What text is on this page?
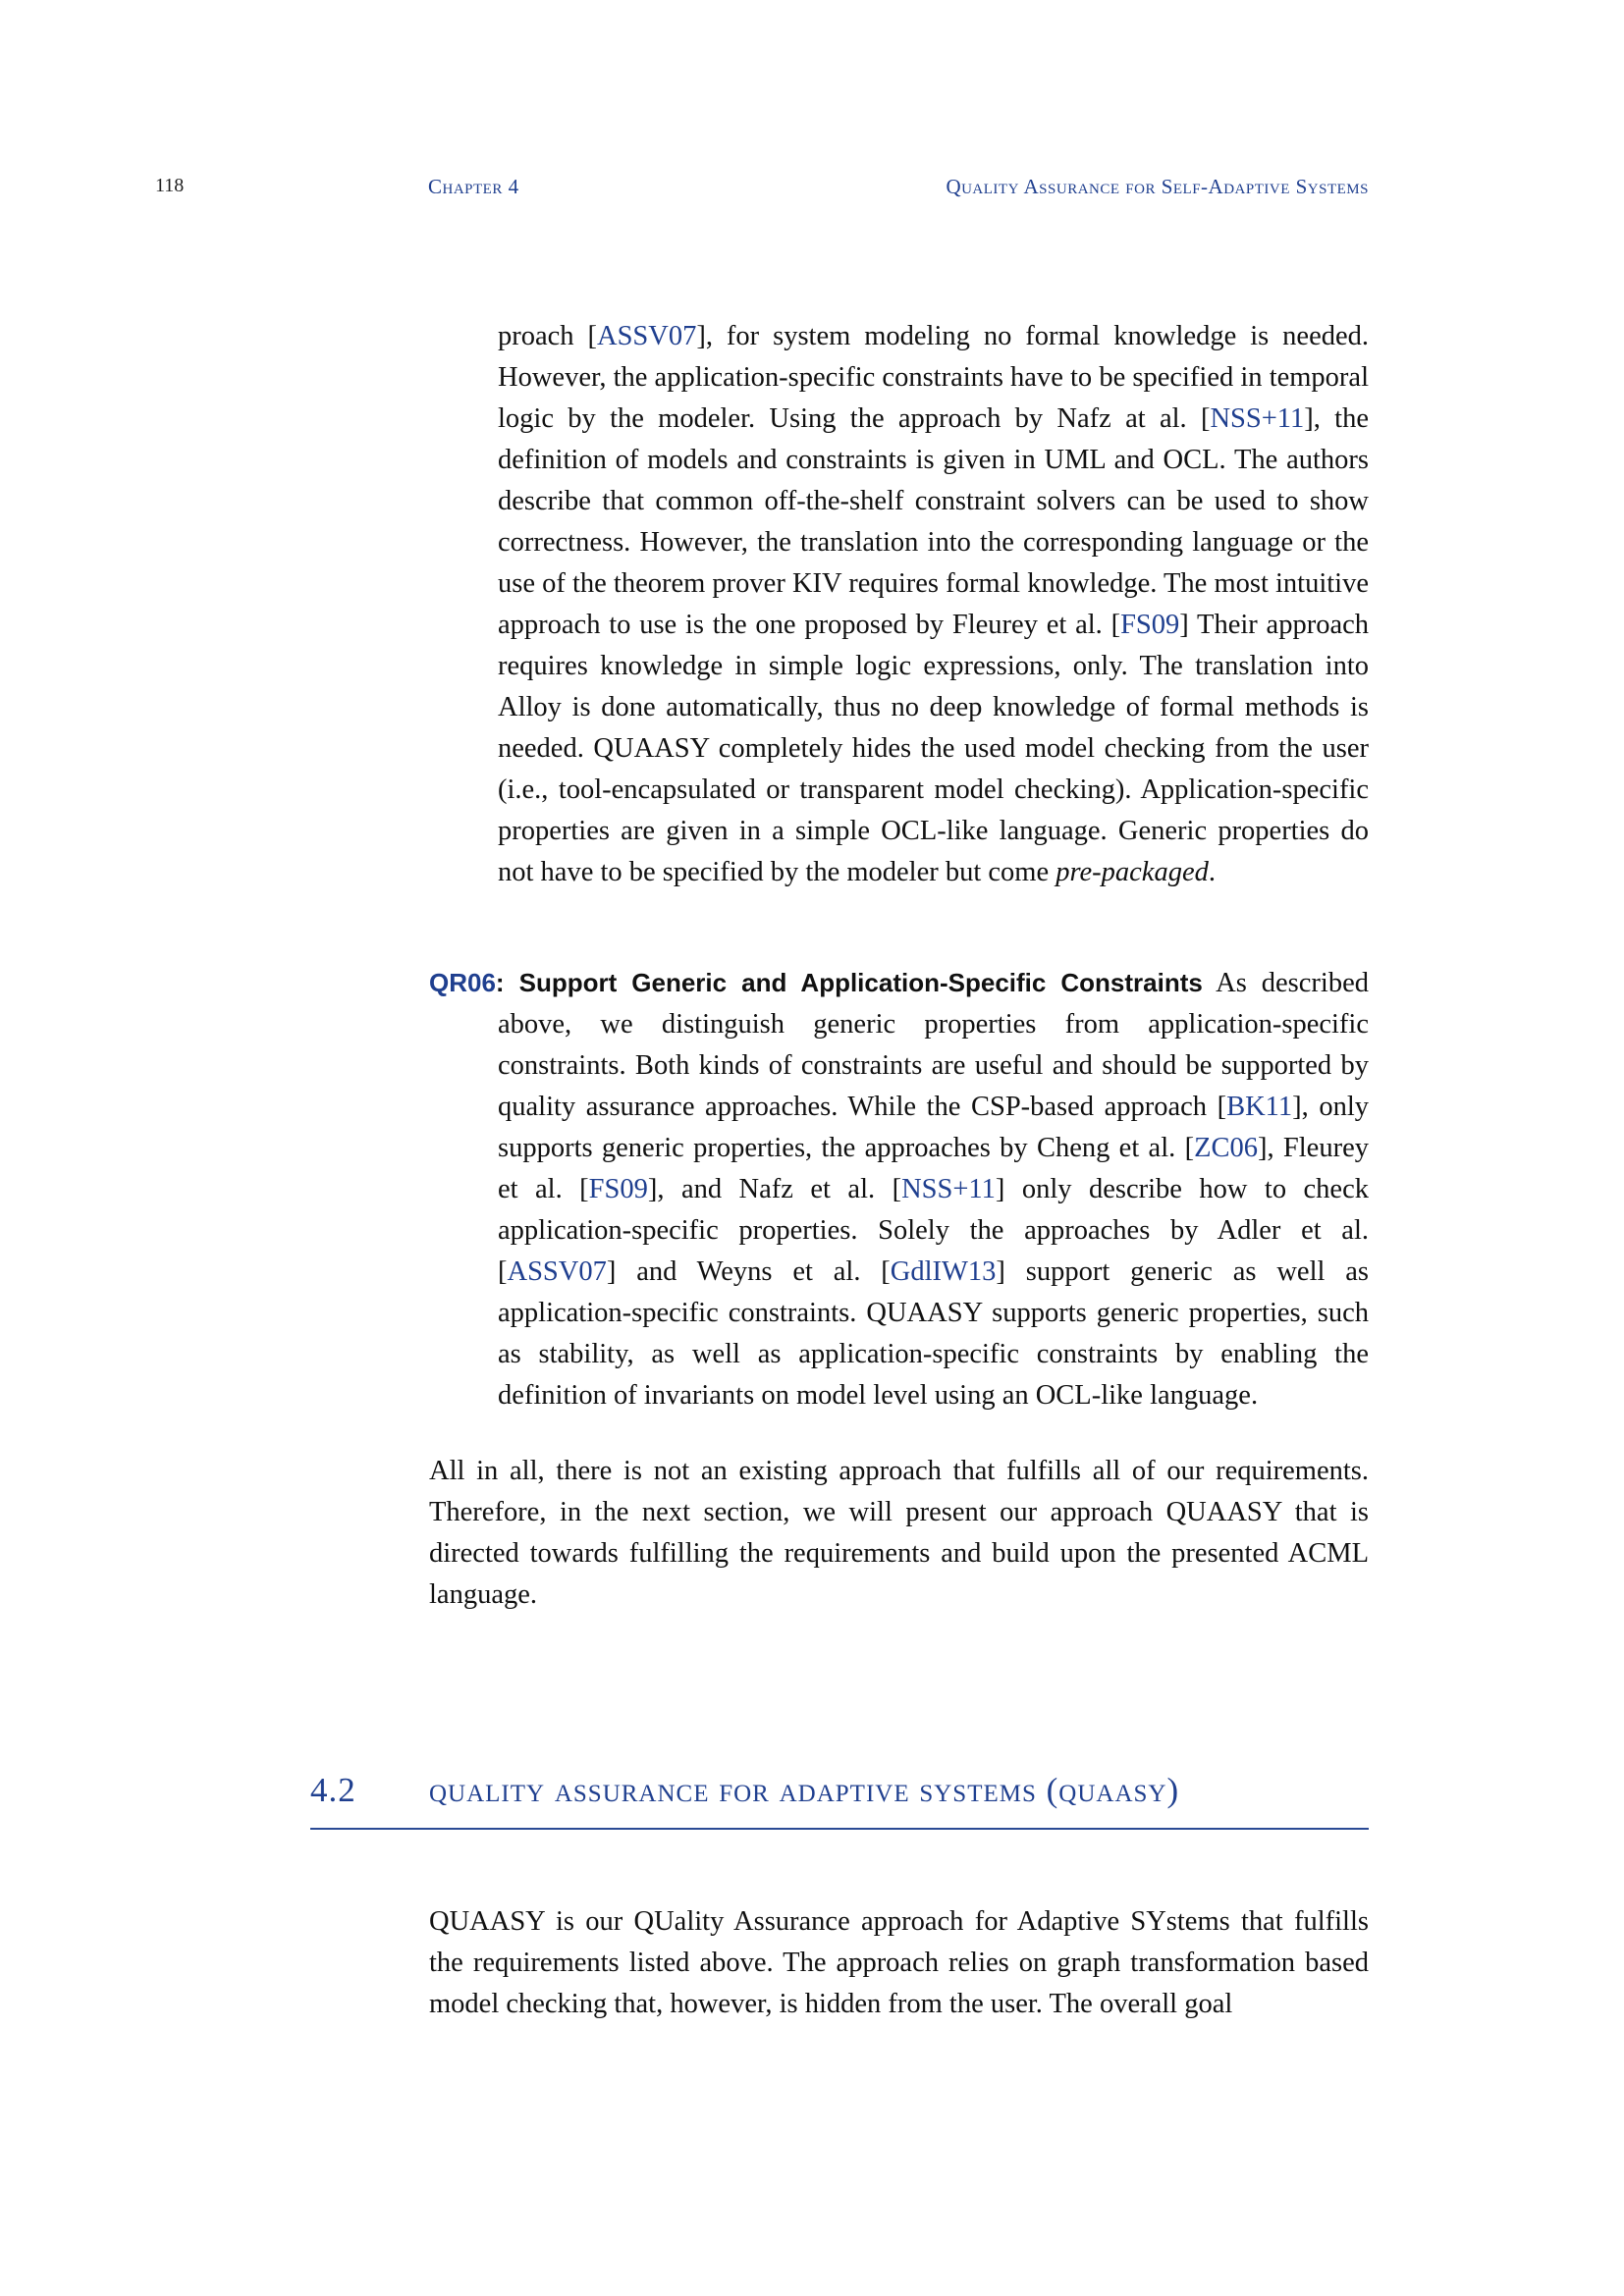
118	Chapter 4	Quality Assurance for Self-Adaptive Systems

proach [ASSV07], for system modeling no formal knowledge is needed. However, the application-specific constraints have to be specified in temporal logic by the modeler. Using the approach by Nafz at al. [NSS+11], the definition of models and constraints is given in UML and OCL. The authors describe that common off-the-shelf constraint solvers can be used to show correctness. However, the translation into the corresponding language or the use of the theorem prover KIV requires formal knowledge. The most intuitive approach to use is the one proposed by Fleurey et al. [FS09] Their approach requires knowledge in simple logic expressions, only. The translation into Alloy is done automatically, thus no deep knowledge of formal methods is needed. QUAASY completely hides the used model checking from the user (i.e., tool-encapsulated or transparent model checking). Application-specific properties are given in a simple OCL-like language. Generic properties do not have to be specified by the modeler but come pre-packaged.

QR06: Support Generic and Application-Specific Constraints As described above, we distinguish generic properties from application-specific constraints. Both kinds of constraints are useful and should be supported by quality assurance approaches. While the CSP-based approach [BK11], only supports generic properties, the approaches by Cheng et al. [ZC06], Fleurey et al. [FS09], and Nafz et al. [NSS+11] only describe how to check application-specific properties. Solely the approaches by Adler et al. [ASSV07] and Weyns et al. [GdlIW13] support generic as well as application-specific constraints. QUAASY supports generic properties, such as stability, as well as application-specific constraints by enabling the definition of invariants on model level using an OCL-like language.

All in all, there is not an existing approach that fulfills all of our requirements. Therefore, in the next section, we will present our approach QUAASY that is directed towards fulfilling the requirements and build upon the presented ACML language.

4.2 quality assurance for adaptive systems (quaasy)

QUAASY is our QUality Assurance approach for Adaptive SYstems that fulfills the requirements listed above. The approach relies on graph transformation based model checking that, however, is hidden from the user. The overall goal
